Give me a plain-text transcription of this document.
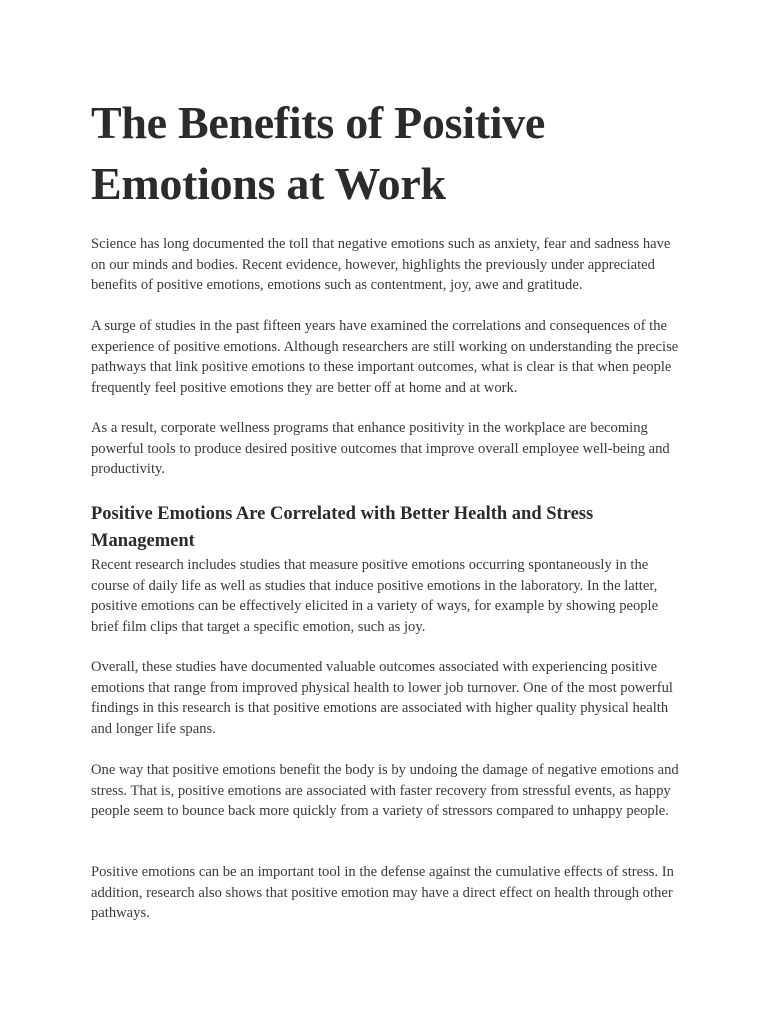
The Benefits of Positive Emotions at Work

Science has long documented the toll that negative emotions such as anxiety, fear and sadness have on our minds and bodies. Recent evidence, however, highlights the previously under appreciated benefits of positive emotions, emotions such as contentment, joy, awe and gratitude.

A surge of studies in the past fifteen years have examined the correlations and consequences of the experience of positive emotions. Although researchers are still working on understanding the precise pathways that link positive emotions to these important outcomes, what is clear is that when people frequently feel positive emotions they are better off at home and at work.

As a result, corporate wellness programs that enhance positivity in the workplace are becoming powerful tools to produce desired positive outcomes that improve overall employee well-being and productivity.

Positive Emotions Are Correlated with Better Health and Stress Management

Recent research includes studies that measure positive emotions occurring spontaneously in the course of daily life as well as studies that induce positive emotions in the laboratory. In the latter, positive emotions can be effectively elicited in a variety of ways, for example by showing people brief film clips that target a specific emotion, such as joy.

Overall, these studies have documented valuable outcomes associated with experiencing positive emotions that range from improved physical health to lower job turnover. One of the most powerful findings in this research is that positive emotions are associated with higher quality physical health and longer life spans.

One way that positive emotions benefit the body is by undoing the damage of negative emotions and stress. That is, positive emotions are associated with faster recovery from stressful events, as happy people seem to bounce back more quickly from a variety of stressors compared to unhappy people.

Positive emotions can be an important tool in the defense against the cumulative effects of stress. In addition, research also shows that positive emotion may have a direct effect on health through other pathways.
